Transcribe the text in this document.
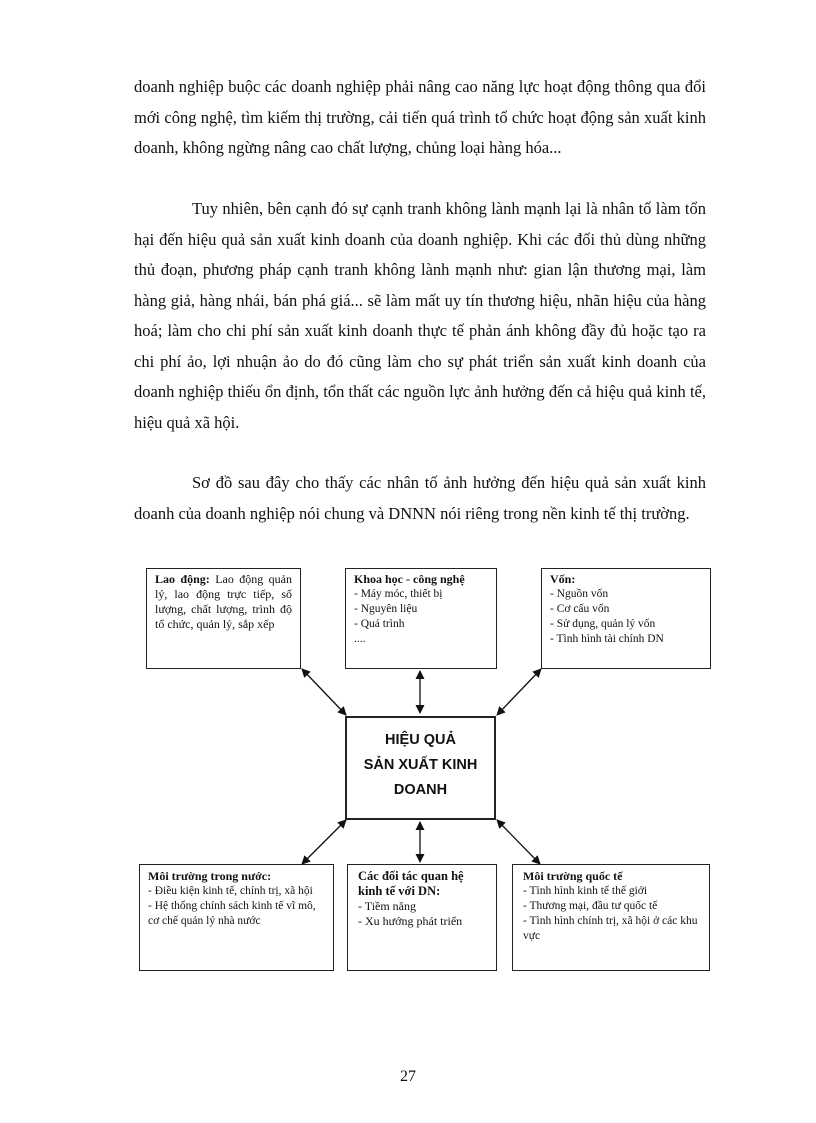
doanh nghiệp buộc các doanh nghiệp phải nâng cao năng lực hoạt động thông qua đổi mới công nghệ, tìm kiếm thị trường, cải tiến quá trình tổ chức hoạt động sản xuất kinh doanh, không ngừng nâng cao chất lượng, chủng loại hàng hóa...

Tuy nhiên, bên cạnh đó sự cạnh tranh không lành mạnh lại là nhân tố làm tổn hại đến hiệu quả sản xuất kinh doanh của doanh nghiệp. Khi các đối thủ dùng những thủ đoạn, phương pháp cạnh tranh không lành mạnh như: gian lận thương mại, làm hàng giả, hàng nhái, bán phá giá... sẽ làm mất uy tín thương hiệu, nhãn hiệu của hàng hoá; làm cho chi phí sản xuất kinh doanh thực tế phản ánh không đầy đủ hoặc tạo ra chi phí ảo, lợi nhuận ảo do đó cũng làm cho sự phát triển sản xuất kinh doanh của doanh nghiệp thiếu ổn định, tổn thất các nguồn lực ảnh hưởng đến cả hiệu quả kinh tế, hiệu quả xã hội.

Sơ đồ sau đây cho thấy các nhân tố ảnh hưởng đến hiệu quả sản xuất kinh doanh của doanh nghiệp nói chung và DNNN nói riêng trong nền kinh tế thị trường.

Lao động: Lao động quản lý, lao động trực tiếp, số lượng, chất lượng, trình độ tổ chức, quản lý, sắp xếp
Khoa học - công nghệ
- Máy móc, thiết bị
- Nguyên liệu
- Quá trình
....
Vốn:
- Nguồn vốn
- Cơ cấu vốn
- Sử dụng, quản lý vốn
- Tình hình tài chính DN
HIỆU QUẢ
SẢN XUẤT KINH
DOANH
Môi trường trong nước:
- Điều kiện kinh tế, chính trị, xã hội
- Hệ thống chính sách kinh tế vĩ mô, cơ chế quản lý nhà nước
Các đối tác quan hệ kinh tế với DN:
- Tiềm năng
- Xu hướng phát triển
Môi trường quốc tế
- Tình hình kinh tế thế giới
- Thương mại, đầu tư quốc tế
- Tình hình chính trị, xã hội ở các khu vực
27
